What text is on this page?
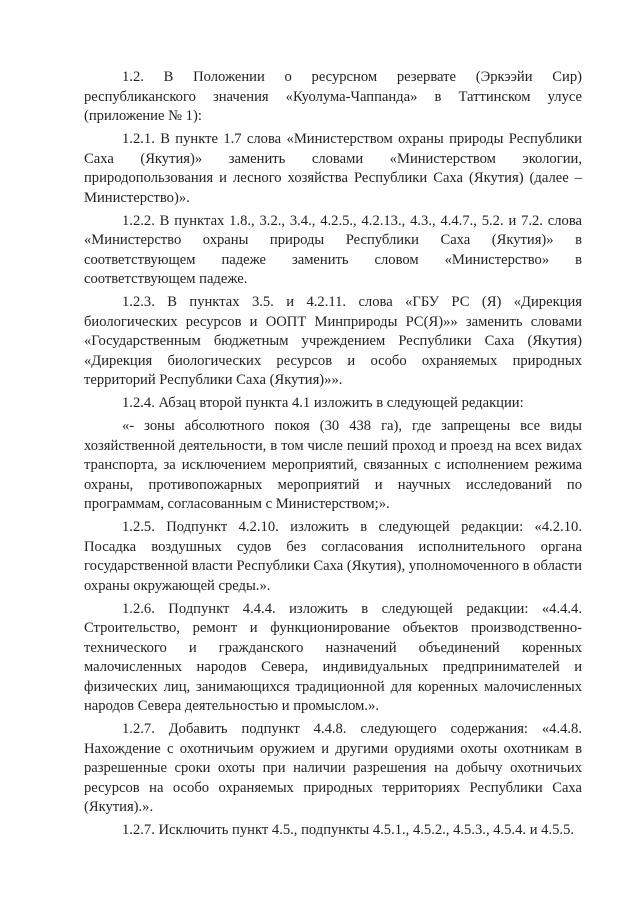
1.2. В Положении о ресурсном резервате (Эркээйи Сир) республиканского значения «Куолума-Чаппанда» в Таттинском улусе (приложение № 1):

1.2.1. В пункте 1.7 слова «Министерством охраны природы Республики Саха (Якутия)» заменить словами «Министерством экологии, природопользования и лесного хозяйства Республики Саха (Якутия) (далее – Министерство)».

1.2.2. В пунктах 1.8., 3.2., 3.4., 4.2.5., 4.2.13., 4.3., 4.4.7., 5.2. и 7.2. слова «Министерство охраны природы Республики Саха (Якутия)» в соответствующем падеже заменить словом «Министерство» в соответствующем падеже.

1.2.3. В пунктах 3.5. и 4.2.11. слова «ГБУ РС (Я) «Дирекция биологических ресурсов и ООПТ Минприроды РС(Я)»» заменить словами «Государственным бюджетным учреждением Республики Саха (Якутия) «Дирекция биологических ресурсов и особо охраняемых природных территорий Республики Саха (Якутия)»».

1.2.4. Абзац второй пункта 4.1 изложить в следующей редакции:

«- зоны абсолютного покоя (30 438 га), где запрещены все виды хозяйственной деятельности, в том числе пеший проход и проезд на всех видах транспорта, за исключением мероприятий, связанных с исполнением режима охраны, противопожарных мероприятий и научных исследований по программам, согласованным с Министерством;».

1.2.5. Подпункт 4.2.10. изложить в следующей редакции: «4.2.10. Посадка воздушных судов без согласования исполнительного органа государственной власти Республики Саха (Якутия), уполномоченного в области охраны окружающей среды.».

1.2.6. Подпункт 4.4.4. изложить в следующей редакции: «4.4.4. Строительство, ремонт и функционирование объектов производственно-технического и гражданского назначений объединений коренных малочисленных народов Севера, индивидуальных предпринимателей и физических лиц, занимающихся традиционной для коренных малочисленных народов Севера деятельностью и промыслом.».

1.2.7. Добавить подпункт 4.4.8. следующего содержания: «4.4.8. Нахождение с охотничьим оружием и другими орудиями охоты охотникам в разрешенные сроки охоты при наличии разрешения на добычу охотничьих ресурсов на особо охраняемых природных территориях Республики Саха (Якутия).».

1.2.7. Исключить пункт 4.5., подпункты 4.5.1., 4.5.2., 4.5.3., 4.5.4. и 4.5.5.
